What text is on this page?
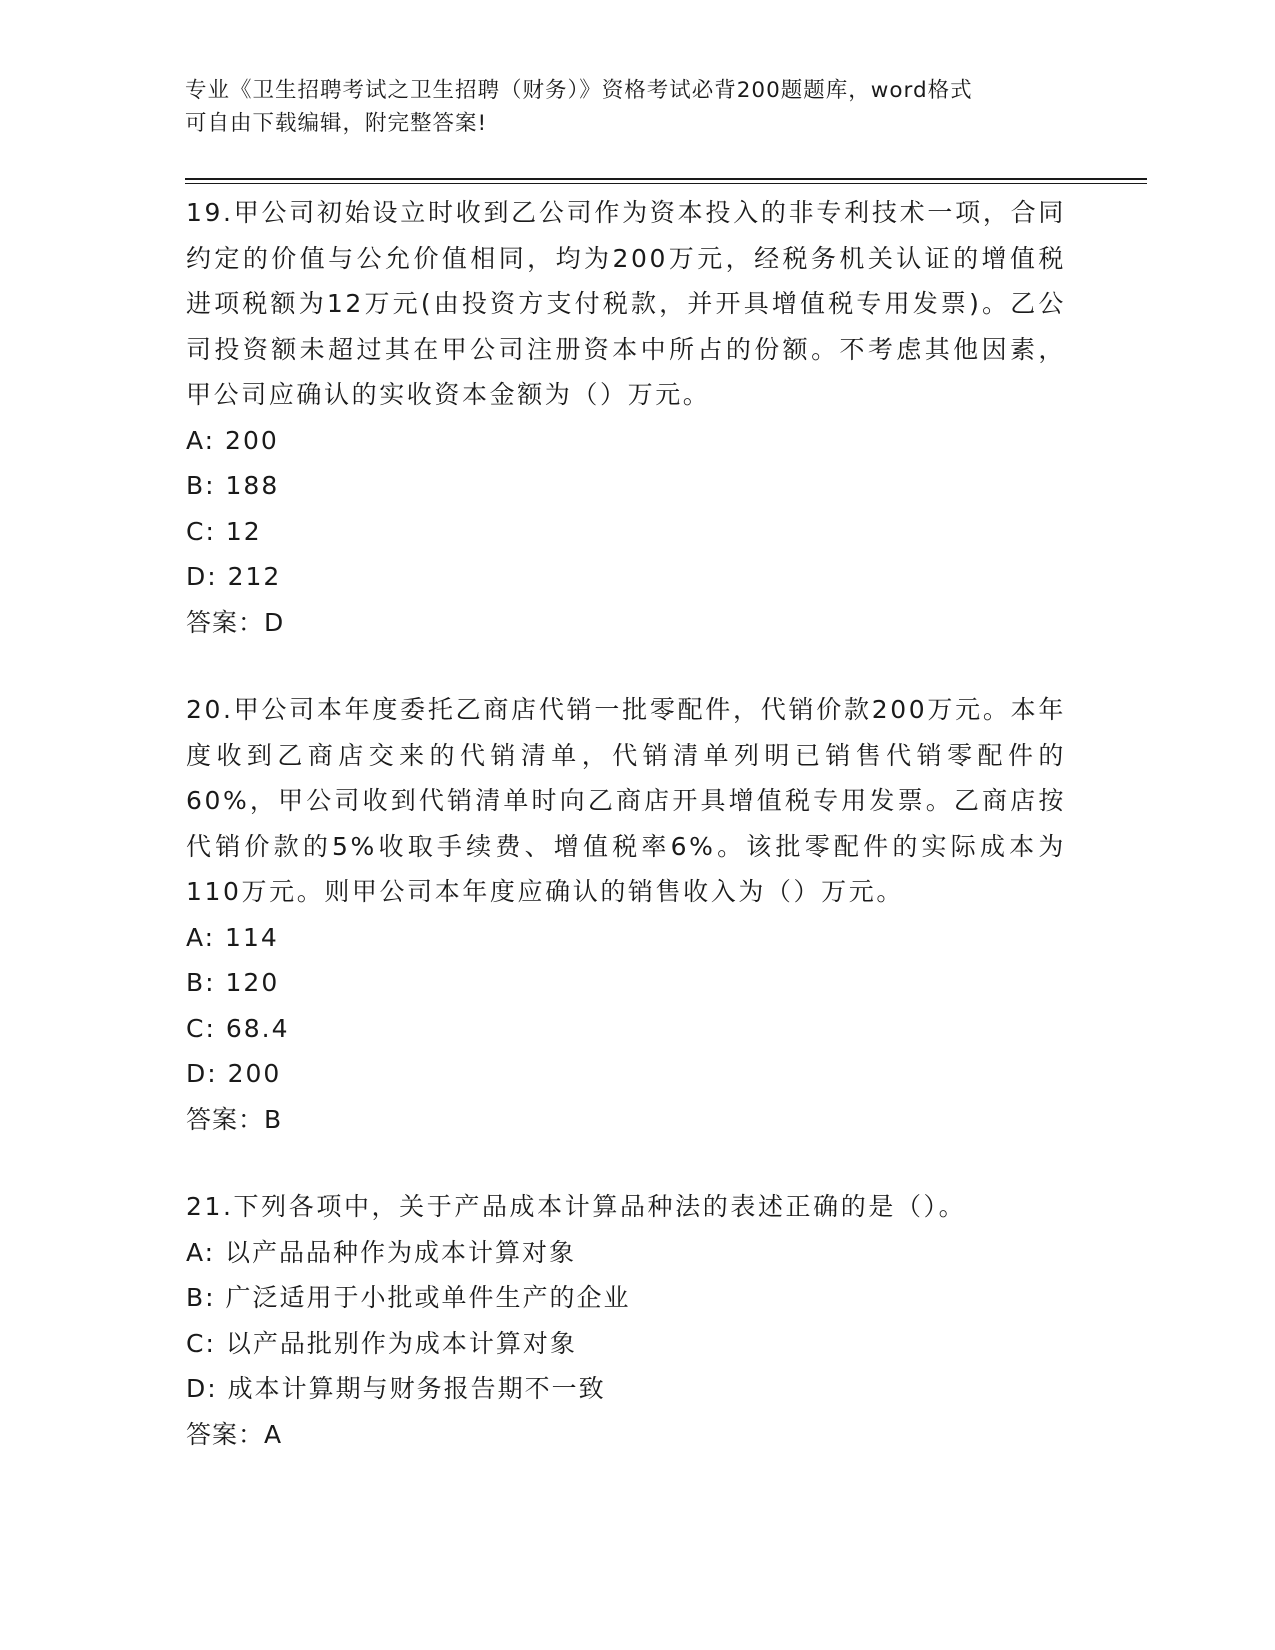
专业《卫生招聘考试之卫生招聘（财务）》资格考试必背200题题库，word格式
可自由下载编辑，附完整答案!
19.甲公司初始设立时收到乙公司作为资本投入的非专利技术一项，合同约定的价值与公允价值相同，均为200万元，经税务机关认证的增值税进项税额为12万元(由投资方支付税款，并开具增值税专用发票)。乙公司投资额未超过其在甲公司注册资本中所占的份额。不考虑其他因素，甲公司应确认的实收资本金额为（）万元。
A: 200
B: 188
C: 12
D: 212
答案：D
20.甲公司本年度委托乙商店代销一批零配件，代销价款200万元。本年度收到乙商店交来的代销清单，代销清单列明已销售代销零配件的60%，甲公司收到代销清单时向乙商店开具增值税专用发票。乙商店按代销价款的5%收取手续费、增值税率6%。该批零配件的实际成本为110万元。则甲公司本年度应确认的销售收入为（）万元。
A: 114
B: 120
C: 68.4
D: 200
答案：B
21.下列各项中，关于产品成本计算品种法的表述正确的是（）。
A: 以产品品种作为成本计算对象
B: 广泛适用于小批或单件生产的企业
C: 以产品批别作为成本计算对象
D: 成本计算期与财务报告期不一致
答案：A
